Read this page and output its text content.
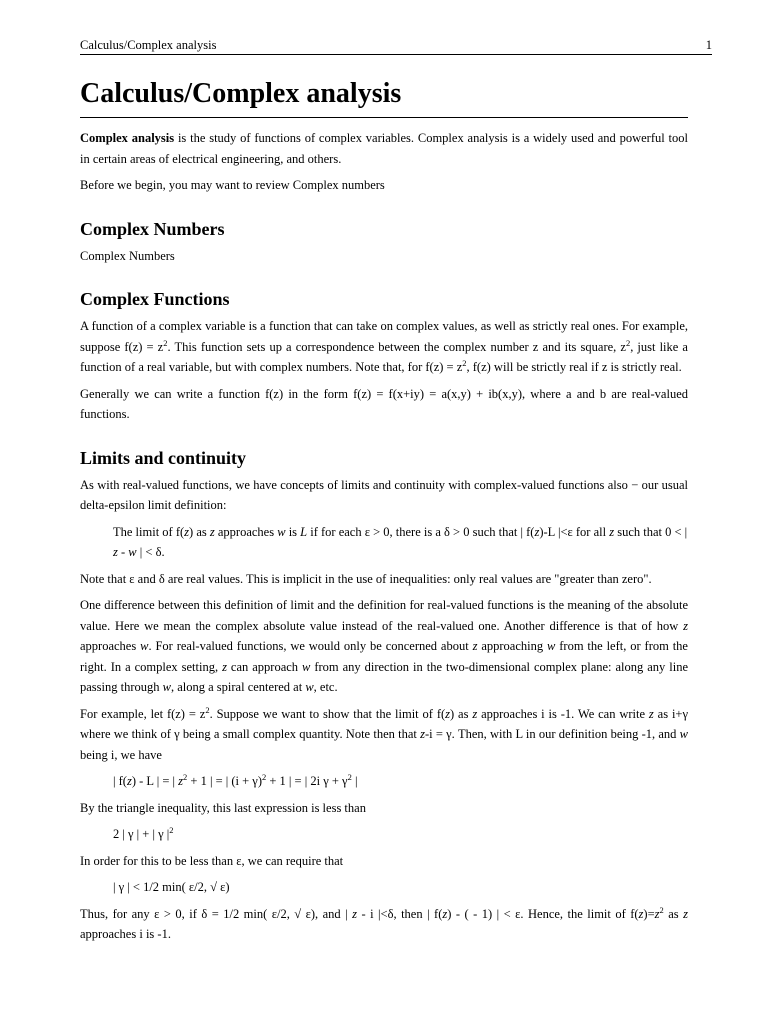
Calculus/Complex analysis	1
Calculus/Complex analysis

Complex analysis is the study of functions of complex variables. Complex analysis is a widely used and powerful tool in certain areas of electrical engineering, and others.

Before we begin, you may want to review Complex numbers

Complex Numbers

Complex Numbers

Complex Functions

A function of a complex variable is a function that can take on complex values, as well as strictly real ones. For example, suppose $f(z) = z^2$. This function sets up a correspondence between the complex number z and its square, $z^2$, just like a function of a real variable, but with complex numbers. Note that, for $f(z) = z^2$, f(z) will be strictly real if z is strictly real.

Generally we can write a function f(z) in the form f(z) = f(x+iy) = a(x,y) + ib(x,y), where a and b are real-valued functions.

Limits and continuity

As with real-valued functions, we have concepts of limits and continuity with complex-valued functions also − our usual delta-epsilon limit definition:

The limit of f(z) as z approaches w is L if for each ε > 0, there is a δ > 0 such that | f(z)-L |<ε for all z such that 0 < | z - w | < δ.

Note that ε and δ are real values. This is implicit in the use of inequalities: only real values are "greater than zero".

One difference between this definition of limit and the definition for real-valued functions is the meaning of the absolute value. Here we mean the complex absolute value instead of the real-valued one. Another difference is that of how z approaches w. For real-valued functions, we would only be concerned about z approaching w from the left, or from the right. In a complex setting, z can approach w from any direction in the two-dimensional complex plane: along any line passing through w, along a spiral centered at w, etc.

For example, let $f(z) = z^2$. Suppose we want to show that the limit of f(z) as z approaches i is -1. We can write z as i+γ where we think of γ being a small complex quantity. Note then that z-i = γ. Then, with L in our definition being -1, and w being i, we have

| f(z) - L | = | $z^2 + 1$ | = | $(i + \gamma)^2 + 1$ | = | 2i $\gamma + \gamma^2$ |

By the triangle inequality, this last expression is less than

2 | γ | + | γ $|^2$

In order for this to be less than ε, we can require that

| γ | < 1/2 min( ε/2, √ ε)

Thus, for any ε > 0, if δ = 1/2 min( ε/2, √ ε), and | z - i |<δ, then | f(z) - ( - 1) | < ε. Hence, the limit of $f(z)=z^2$ as z approaches i is -1.
